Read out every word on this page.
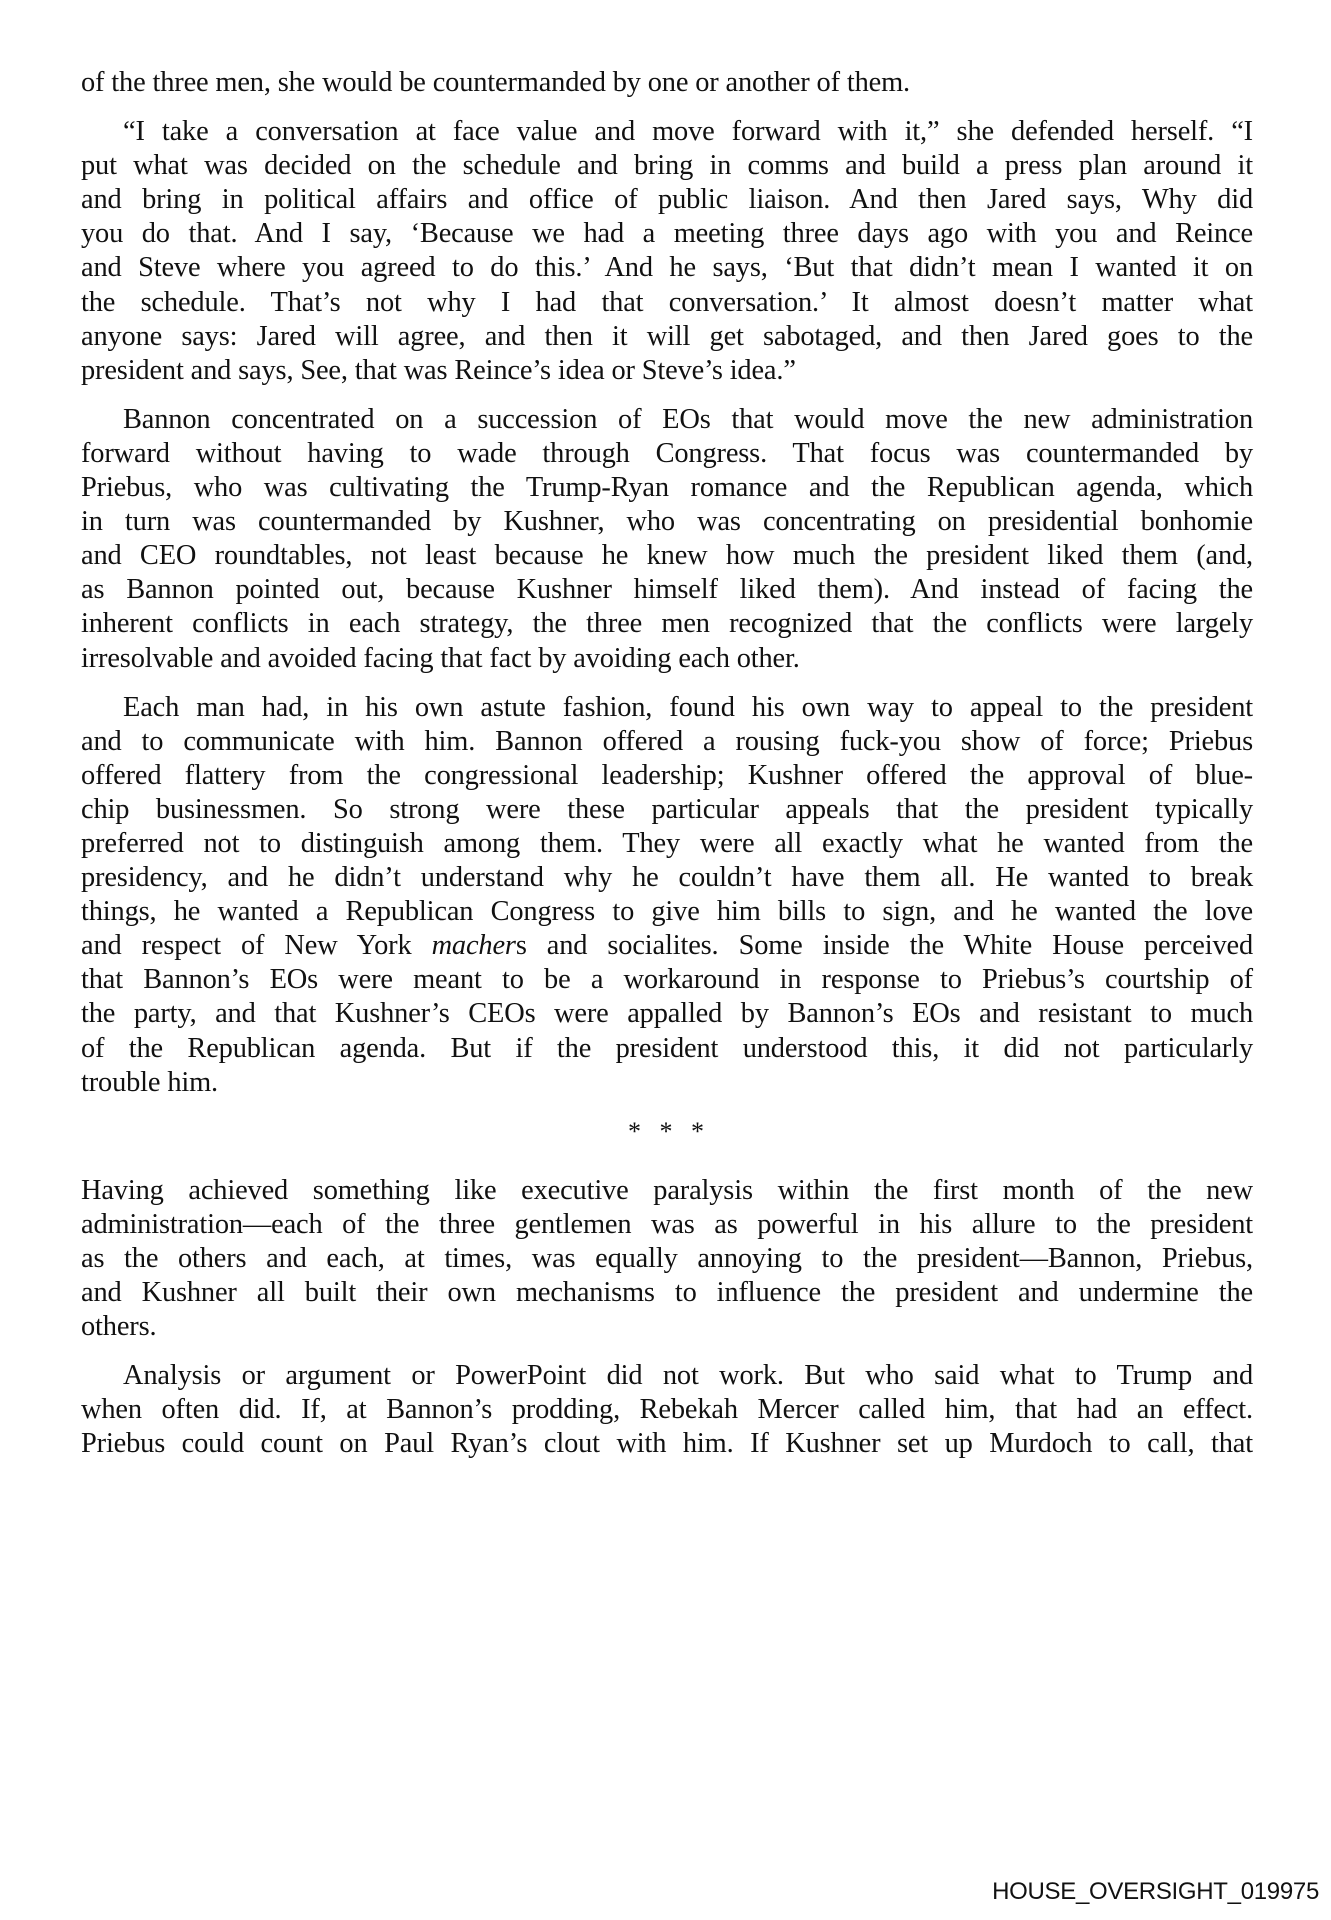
of the three men, she would be countermanded by one or another of them.
“I take a conversation at face value and move forward with it,” she defended herself. “I
put what was decided on the schedule and bring in comms and build a press plan around it
and bring in political affairs and office of public liaison. And then Jared says, Why did
you do that. And I say, ‘Because we had a meeting three days ago with you and Reince
and Steve where you agreed to do this.’ And he says, ‘But that didn’t mean I wanted it on
the schedule. That’s not why I had that conversation.’ It almost doesn’t matter what
anyone says: Jared will agree, and then it will get sabotaged, and then Jared goes to the
president and says, See, that was Reince’s idea or Steve’s idea.”
Bannon concentrated on a succession of EOs that would move the new administration
forward without having to wade through Congress. That focus was countermanded by
Priebus, who was cultivating the Trump-Ryan romance and the Republican agenda, which
in turn was countermanded by Kushner, who was concentrating on presidential bonhomie
and CEO roundtables, not least because he knew how much the president liked them (and,
as Bannon pointed out, because Kushner himself liked them). And instead of facing the
inherent conflicts in each strategy, the three men recognized that the conflicts were largely
irresolvable and avoided facing that fact by avoiding each other.
Each man had, in his own astute fashion, found his own way to appeal to the president
and to communicate with him. Bannon offered a rousing fuck-you show of force; Priebus
offered flattery from the congressional leadership; Kushner offered the approval of blue-
chip businessmen. So strong were these particular appeals that the president typically
preferred not to distinguish among them. They were all exactly what he wanted from the
presidency, and he didn’t understand why he couldn’t have them all. He wanted to break
things, he wanted a Republican Congress to give him bills to sign, and he wanted the love
and respect of New York machers and socialites. Some inside the White House perceived
that Bannon’s EOs were meant to be a workaround in response to Priebus’s courtship of
the party, and that Kushner’s CEOs were appalled by Bannon’s EOs and resistant to much
of the Republican agenda. But if the president understood this, it did not particularly
trouble him.
* * *
Having achieved something like executive paralysis within the first month of the new
administration—each of the three gentlemen was as powerful in his allure to the president
as the others and each, at times, was equally annoying to the president—Bannon, Priebus,
and Kushner all built their own mechanisms to influence the president and undermine the
others.
Analysis or argument or PowerPoint did not work. But who said what to Trump and
when often did. If, at Bannon’s prodding, Rebekah Mercer called him, that had an effect.
Priebus could count on Paul Ryan’s clout with him. If Kushner set up Murdoch to call, that
HOUSE_OVERSIGHT_019975
